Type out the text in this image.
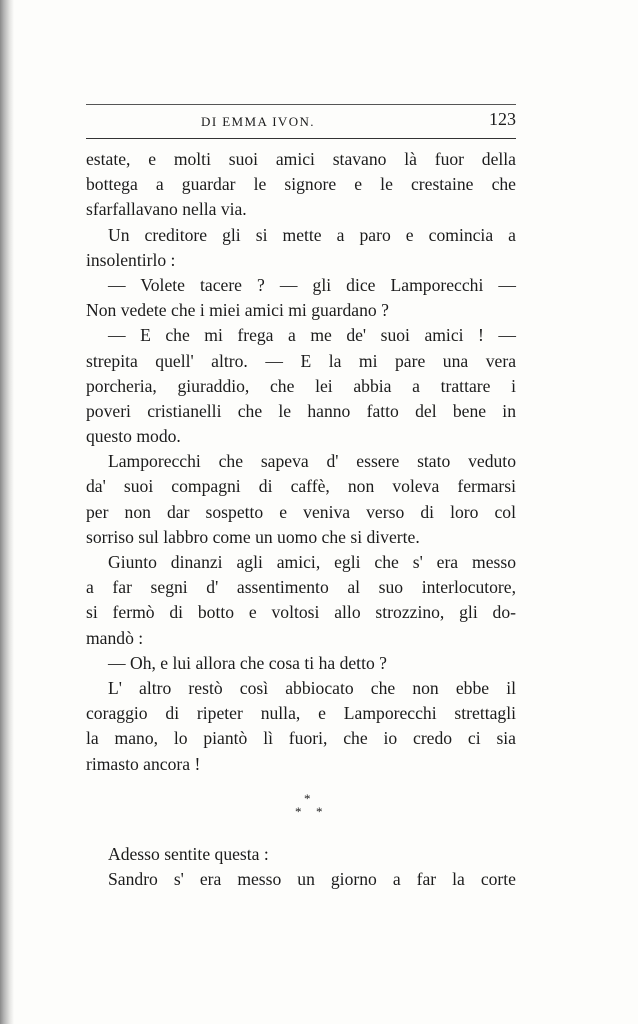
DI EMMA IVON.	123
estate, e molti suoi amici stavano là fuor della
bottega a guardar le signore e le crestaine che
sfarfallavano nella via.
Un creditore gli si mette a paro e comincia a
insolentirlo :
— Volete tacere ? — gli dice Lamporecchi —
Non vedete che i miei amici mi guardano ?
— E che mi frega a me de' suoi amici ! —
strepita quell' altro. — E la mi pare una vera
porcheria, giuraddio, che lei abbia a trattare i
poveri cristianelli che le hanno fatto del bene in
questo modo.
Lamporecchi che sapeva d' essere stato veduto
da' suoi compagni di caffè, non voleva fermarsi
per non dar sospetto e veniva verso di loro col
sorriso sul labbro come un uomo che si diverte.
Giunto dinanzi agli amici, egli che s' era messo
a far segni d' assentimento al suo interlocutore,
si fermò di botto e voltosi allo strozzino, gli do-
mandò :
— Oh, e lui allora che cosa ti ha detto ?
L' altro restò così abbiocato che non ebbe il
coraggio di ripeter nulla, e Lamporecchi strettagli
la mano, lo piantò lì fuori, che io credo ci sia
rimasto ancora !
*
* *
Adesso sentite questa :
Sandro s' era messo un giorno a far la corte
